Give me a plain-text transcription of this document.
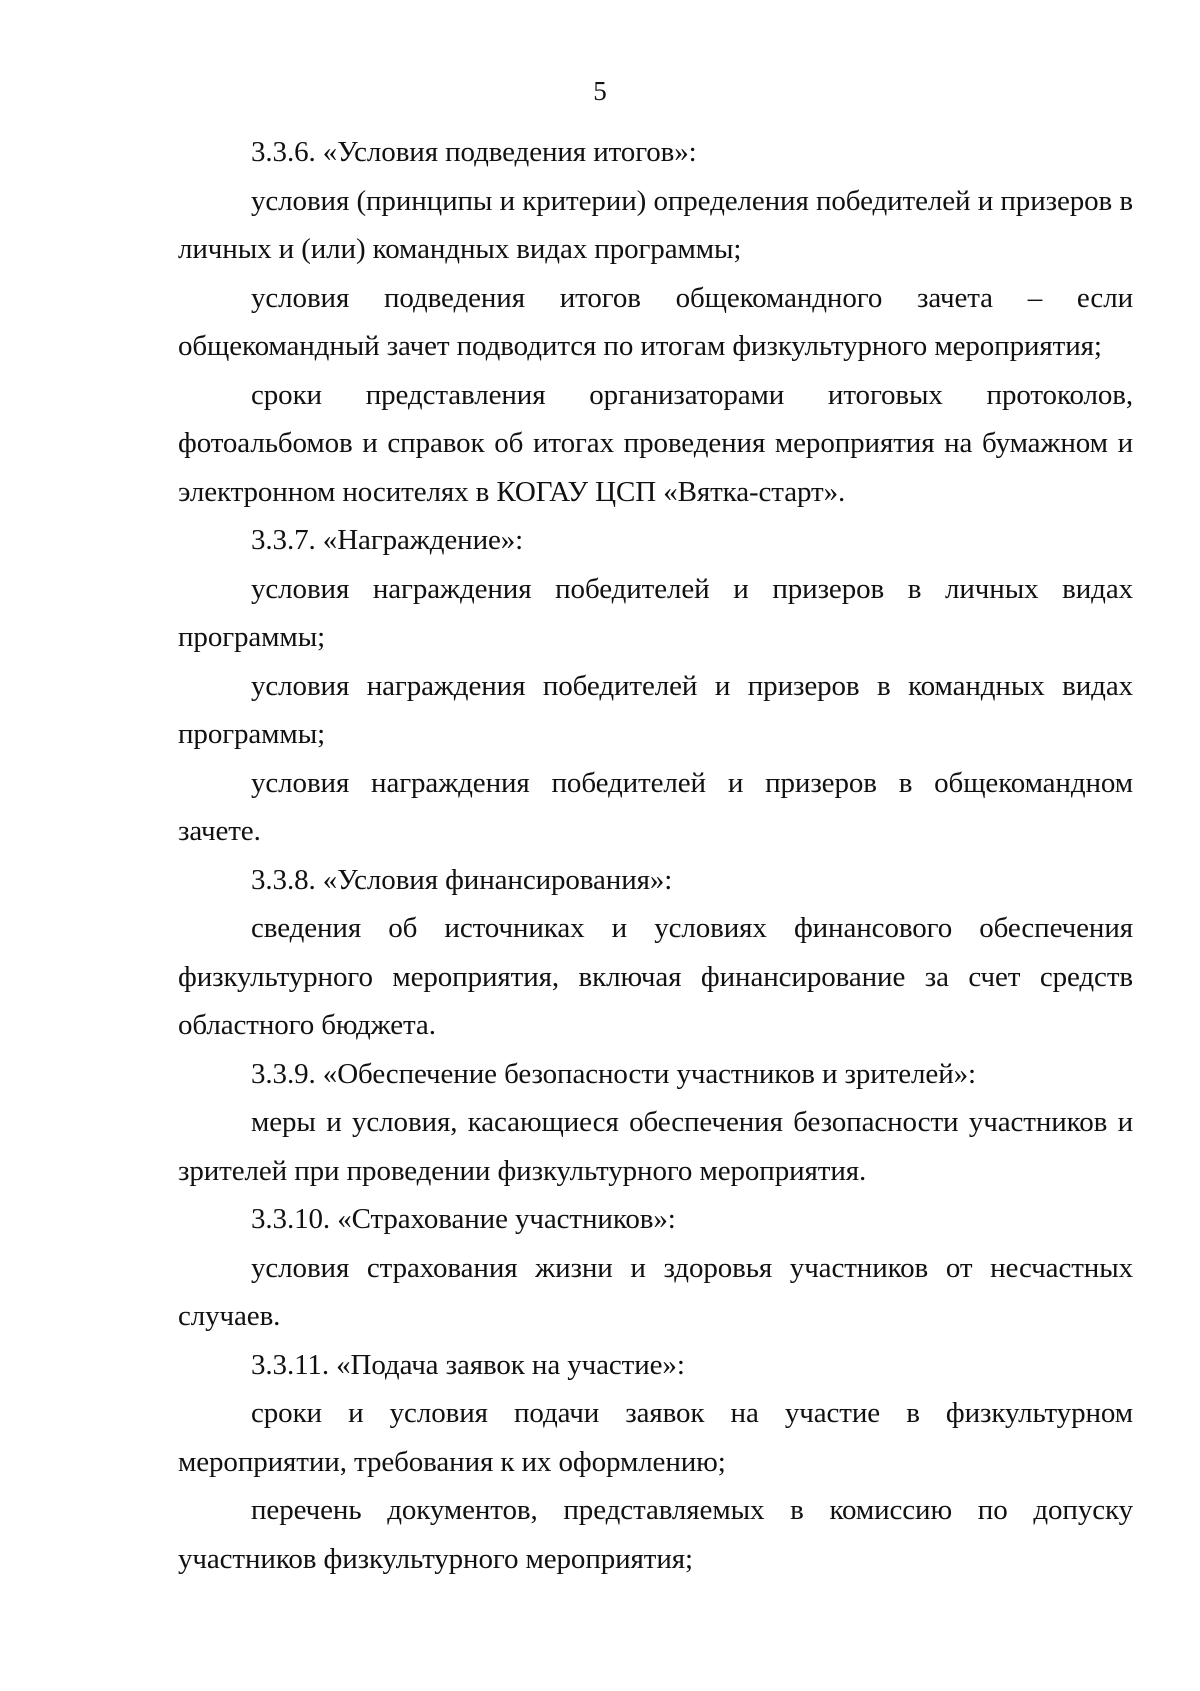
5

3.3.6. «Условия подведения итогов»:

условия (принципы и критерии) определения победителей и призеров в личных и (или) командных видах программы;

условия подведения итогов общекомандного зачета – если общекомандный зачет подводится по итогам физкультурного мероприятия;

сроки представления организаторами итоговых протоколов, фотоальбомов и справок об итогах проведения мероприятия на бумажном и электронном носителях в КОГАУ ЦСП «Вятка-старт».

3.3.7. «Награждение»:

условия награждения победителей и призеров в личных видах программы;

условия награждения победителей и призеров в командных видах программы;

условия награждения победителей и призеров в общекомандном зачете.

3.3.8. «Условия финансирования»:

сведения об источниках и условиях финансового обеспечения физкультурного мероприятия, включая финансирование за счет средств областного бюджета.

3.3.9. «Обеспечение безопасности участников и зрителей»:

меры и условия, касающиеся обеспечения безопасности участников и зрителей при проведении физкультурного мероприятия.

3.3.10. «Страхование участников»:

условия страхования жизни и здоровья участников от несчастных случаев.

3.3.11. «Подача заявок на участие»:

сроки и условия подачи заявок на участие в физкультурном мероприятии, требования к их оформлению;

перечень документов, представляемых в комиссию по допуску участников физкультурного мероприятия;
